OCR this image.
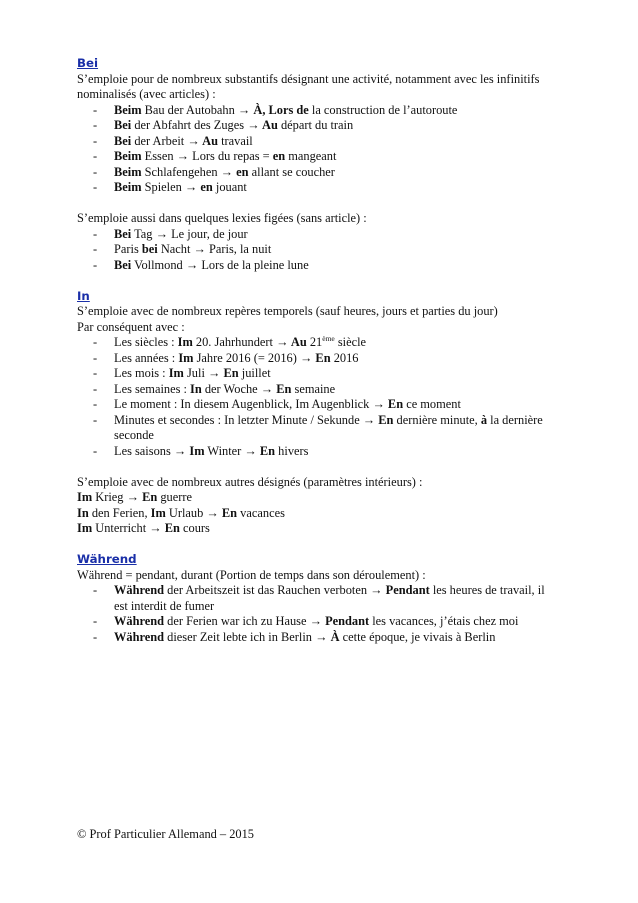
Bei

S’emploie pour de nombreux substantifs désignant une activité, notamment avec les infinitifs nominalisés (avec articles) :

- Beim Bau der Autobahn → À, Lors de la construction de l’autoroute
- Bei der Abfahrt des Zuges → Au départ du train
- Bei der Arbeit → Au travail
- Beim Essen → Lors du repas = en mangeant
- Beim Schlafengehen → en allant se coucher
- Beim Spielen → en jouant

S’emploie aussi dans quelques lexies figées (sans article) :

- Bei Tag → Le jour, de jour
- Paris bei Nacht → Paris, la nuit
- Bei Vollmond → Lors de la pleine lune
In

S’emploie avec de nombreux repères temporels (sauf heures, jours et parties du jour)

Par conséquent avec :

- Les siècles : Im 20. Jahrhundert → Au 21ème siècle
- Les années : Im Jahre 2016 (= 2016) → En 2016
- Les mois : Im Juli → En juillet
- Les semaines : In der Woche → En semaine
- Le moment : In diesem Augenblick, Im Augenblick → En ce moment
- Minutes et secondes : In letzter Minute / Sekunde → En dernière minute, à la dernière seconde
- Les saisons → Im Winter → En hivers

S’emploie avec de nombreux autres désignés (paramètres intérieurs) :

Im Krieg → En guerre
In den Ferien, Im Urlaub → En vacances
Im Unterricht → En cours
Während

Während = pendant, durant (Portion de temps dans son déroulement) :

- Während der Arbeitszeit ist das Rauchen verboten → Pendant les heures de travail, il est interdit de fumer
- Während der Ferien war ich zu Hause → Pendant les vacances, j’étais chez moi
- Während dieser Zeit lebte ich in Berlin → À cette époque, je vivais à Berlin
© Prof Particulier Allemand – 2015
